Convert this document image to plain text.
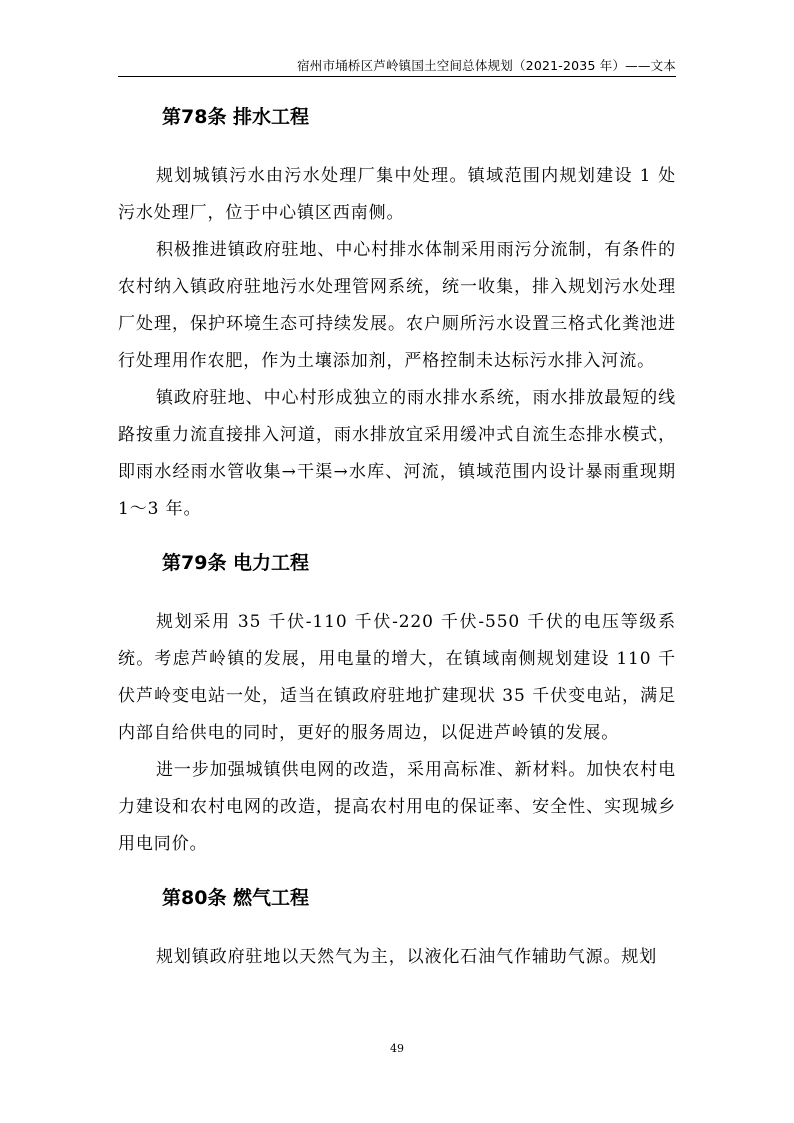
宿州市埇桥区芦岭镇国土空间总体规划（2021-2035 年）——文本
第78条 排水工程

规划城镇污水由污水处理厂集中处理。镇域范围内规划建设 1 处污水处理厂，位于中心镇区西南侧。

积极推进镇政府驻地、中心村排水体制采用雨污分流制，有条件的农村纳入镇政府驻地污水处理管网系统，统一收集，排入规划污水处理厂处理，保护环境生态可持续发展。农户厕所污水设置三格式化粪池进行处理用作农肥，作为土壤添加剂，严格控制未达标污水排入河流。

镇政府驻地、中心村形成独立的雨水排水系统，雨水排放最短的线路按重力流直接排入河道，雨水排放宜采用缓冲式自流生态排水模式，即雨水经雨水管收集→干渠→水库、河流，镇域范围内设计暴雨重现期 1～3 年。

第79条 电力工程

规划采用 35 千伏-110 千伏-220 千伏-550 千伏的电压等级系统。考虑芦岭镇的发展，用电量的增大，在镇域南侧规划建设 110 千伏芦岭变电站一处，适当在镇政府驻地扩建现状 35 千伏变电站，满足内部自给供电的同时，更好的服务周边，以促进芦岭镇的发展。

进一步加强城镇供电网的改造，采用高标准、新材料。加快农村电力建设和农村电网的改造，提高农村用电的保证率、安全性、实现城乡用电同价。

第80条 燃气工程

规划镇政府驻地以天然气为主，以液化石油气作辅助气源。规划

49
